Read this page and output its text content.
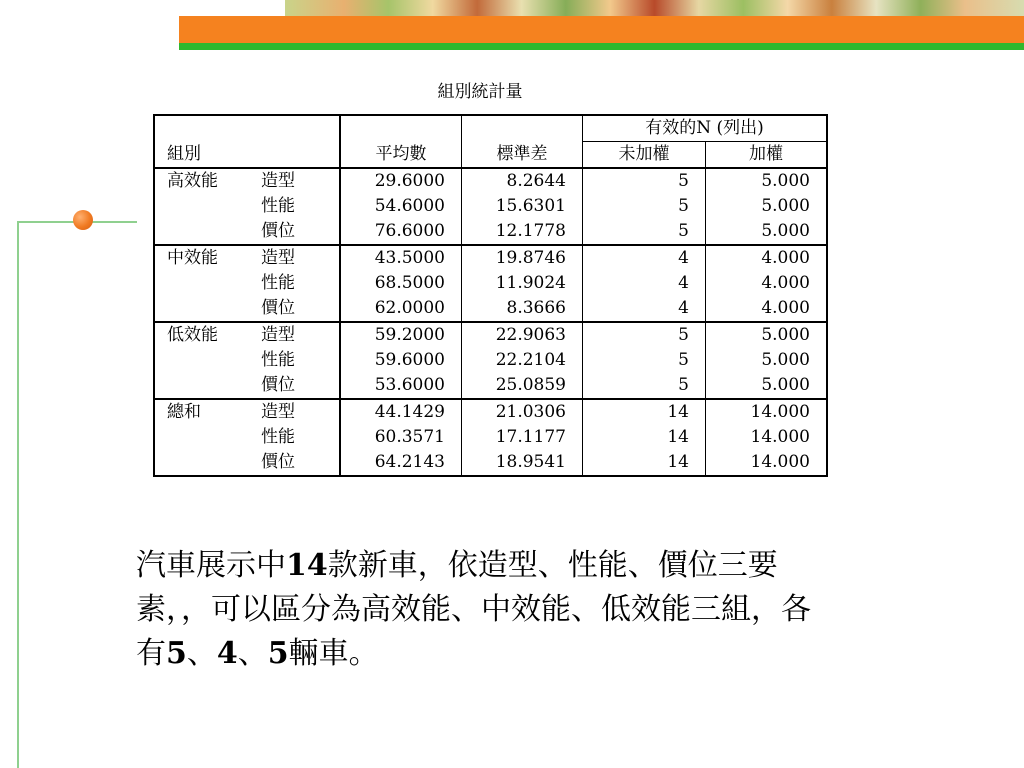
組別統計量
				有效的N (列出)	
組別		平均數	標準差	未加權	加權
高效能	造型	29.6000	8.2644	5	5.000
	性能	54.6000	15.6301	5	5.000
	價位	76.6000	12.1778	5	5.000
中效能	造型	43.5000	19.8746	4	4.000
	性能	68.5000	11.9024	4	4.000
	價位	62.0000	8.3666	4	4.000
低效能	造型	59.2000	22.9063	5	5.000
	性能	59.6000	22.2104	5	5.000
	價位	53.6000	25.0859	5	5.000
總和	造型	44.1429	21.0306	14	14.000
	性能	60.3571	17.1177	14	14.000
	價位	64.2143	18.9541	14	14.000
汽車展示中14款新車，依造型、性能、價位三要素，，可以區分為高效能、中效能、低效能三組，各有5、4、5輛車。
